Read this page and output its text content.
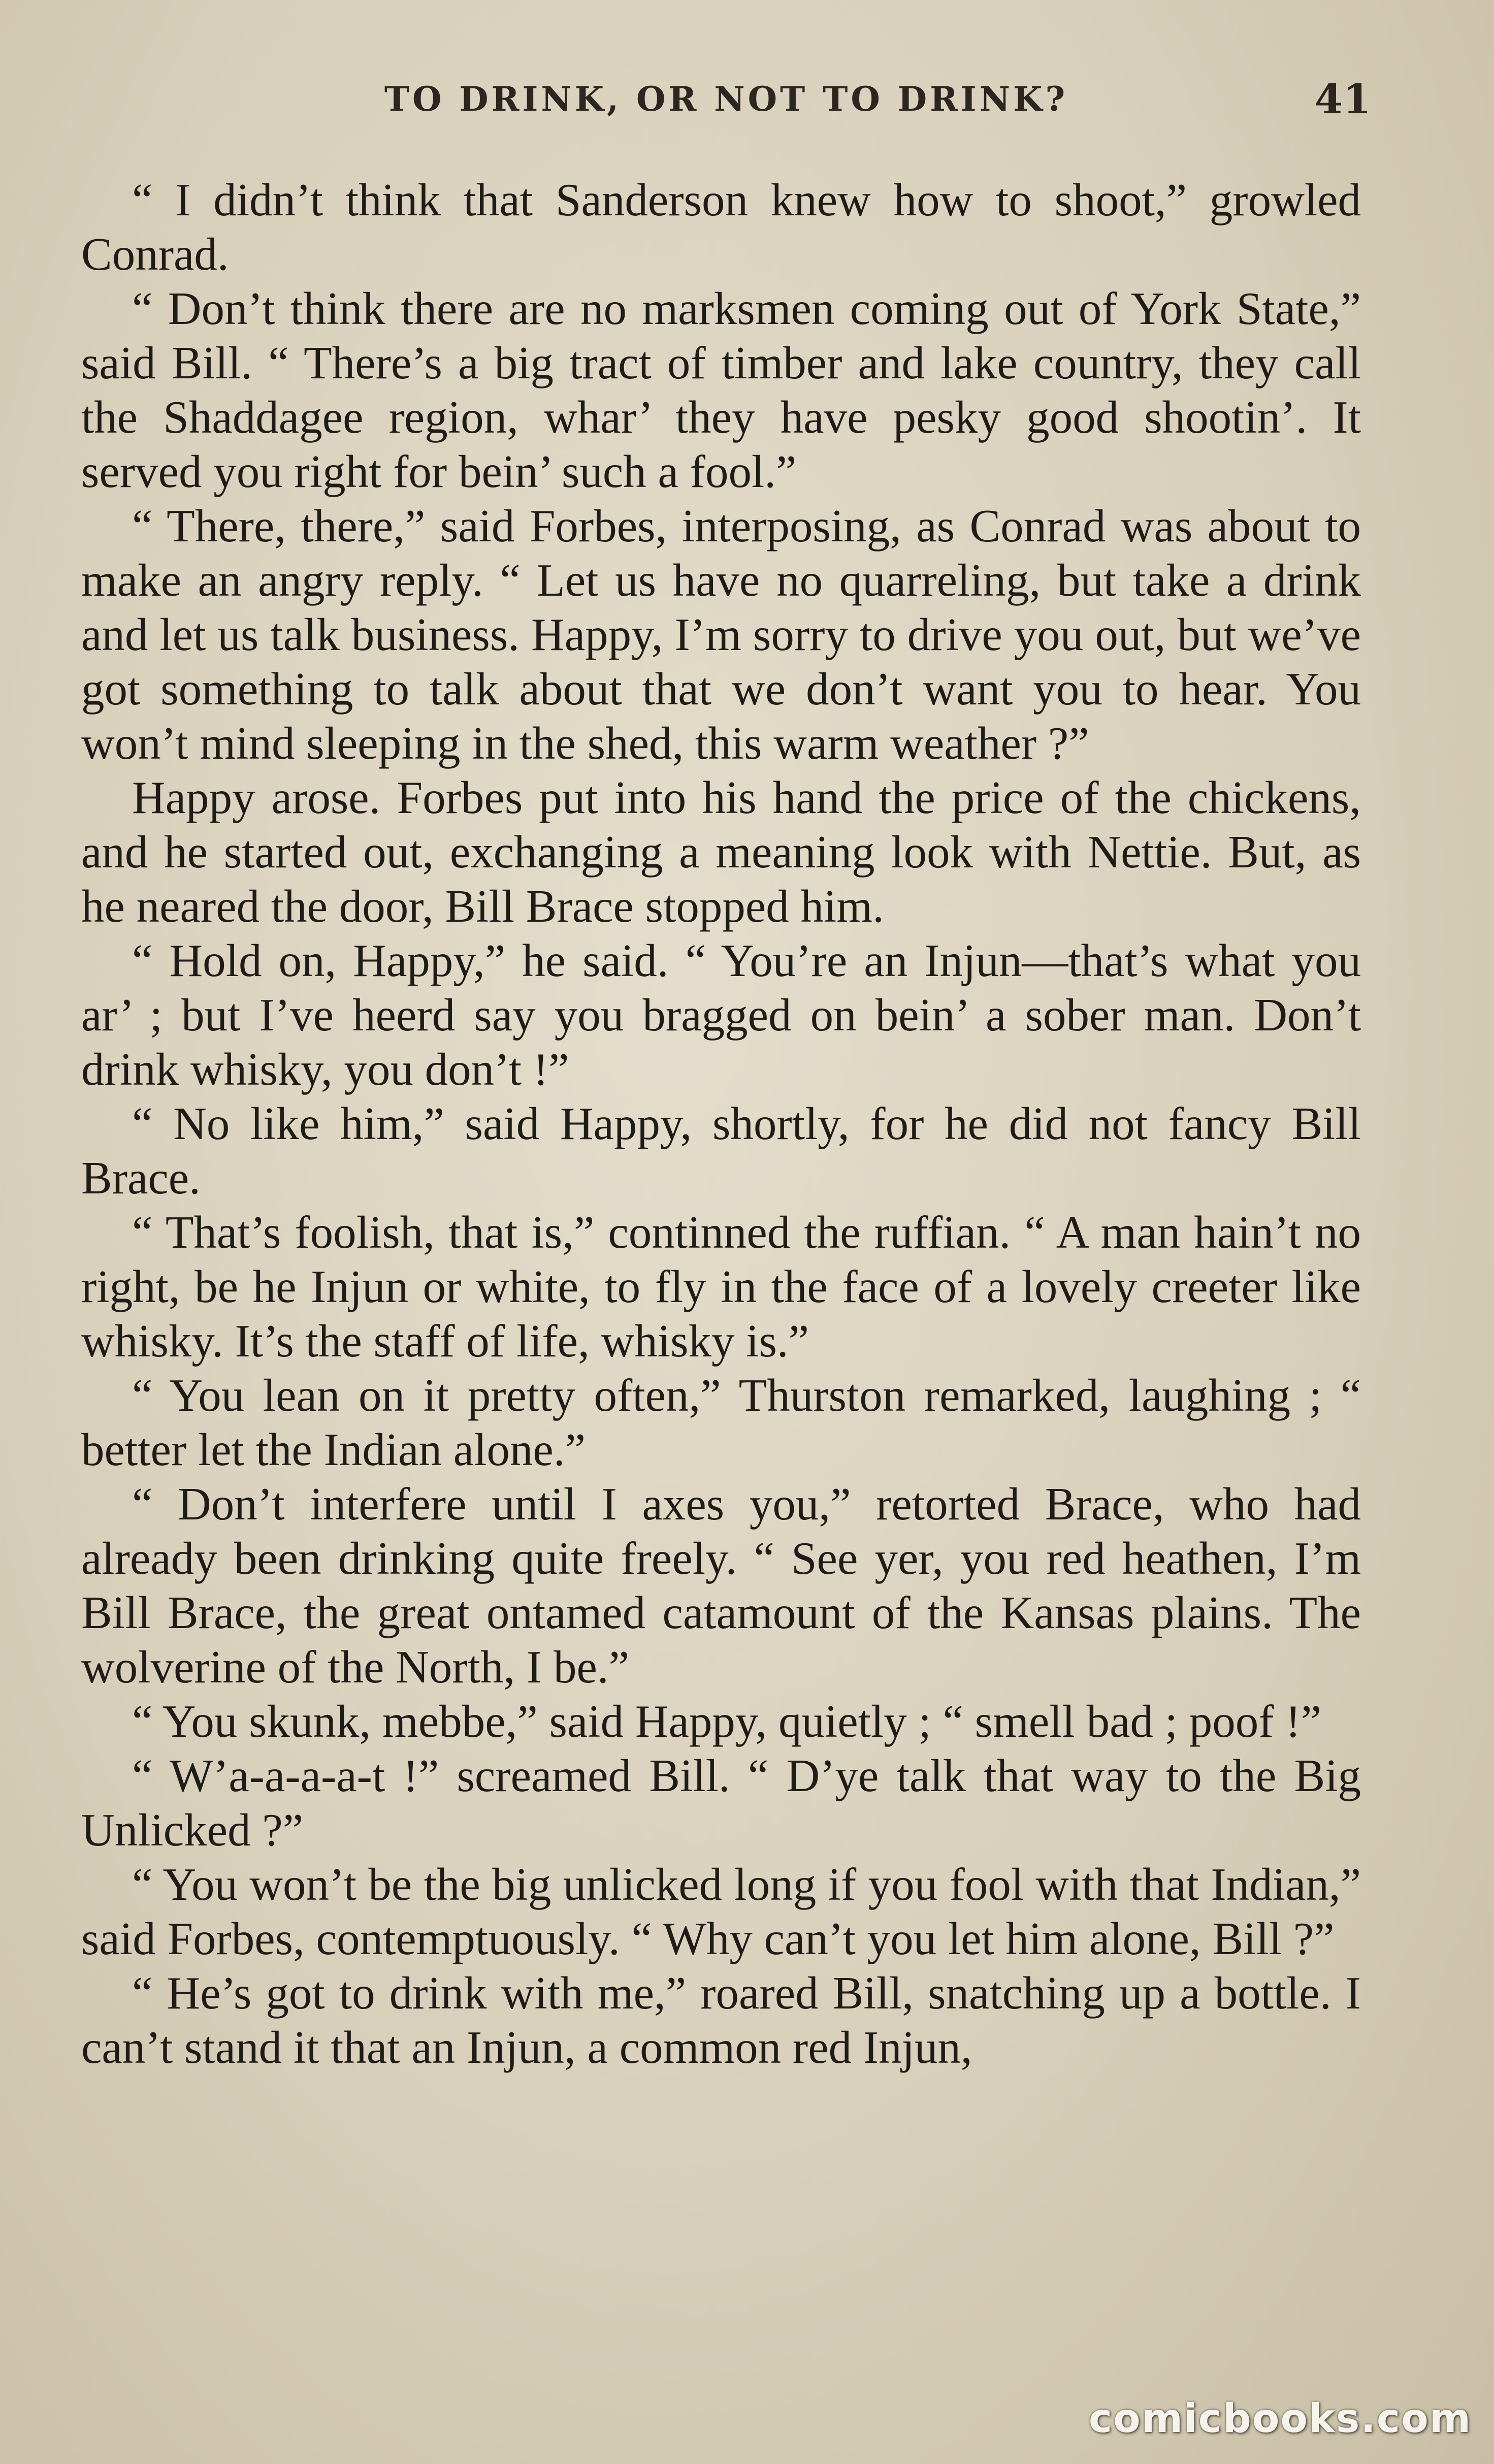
TO DRINK, OR NOT TO DRINK?	41

“ I didn’t think that Sanderson knew how to shoot,” growled Conrad.

“ Don’t think there are no marksmen coming out of York State,” said Bill. “ There’s a big tract of timber and lake country, they call the Shaddagee region, whar’ they have pesky good shootin’. It served you right for bein’ such a fool.”

“ There, there,” said Forbes, interposing, as Conrad was about to make an angry reply. “ Let us have no quarreling, but take a drink and let us talk business. Happy, I’m sorry to drive you out, but we’ve got something to talk about that we don’t want you to hear. You won’t mind sleeping in the shed, this warm weather ?”

Happy arose. Forbes put into his hand the price of the chickens, and he started out, exchanging a meaning look with Nettie. But, as he neared the door, Bill Brace stopped him.

“ Hold on, Happy,” he said. “ You’re an Injun—that’s what you ar’ ; but I’ve heerd say you bragged on bein’ a sober man. Don’t drink whisky, you don’t !”

“ No like him,” said Happy, shortly, for he did not fancy Bill Brace.

“ That’s foolish, that is,” continned the ruffian. “ A man hain’t no right, be he Injun or white, to fly in the face of a lovely creeter like whisky. It’s the staff of life, whisky is.”

“ You lean on it pretty often,” Thurston remarked, laughing ; “ better let the Indian alone.”

“ Don’t interfere until I axes you,” retorted Brace, who had already been drinking quite freely. “ See yer, you red heathen, I’m Bill Brace, the great ontamed catamount of the Kansas plains. The wolverine of the North, I be.”

“ You skunk, mebbe,” said Happy, quietly ; “ smell bad ; poof !”

“ W’a-a-a-a-t !” screamed Bill. “ D’ye talk that way to the Big Unlicked ?”

“ You won’t be the big unlicked long if you fool with that Indian,” said Forbes, contemptuously. “ Why can’t you let him alone, Bill ?”

“ He’s got to drink with me,” roared Bill, snatching up a bottle. I can’t stand it that an Injun, a common red Injun,

comicbooks.com
